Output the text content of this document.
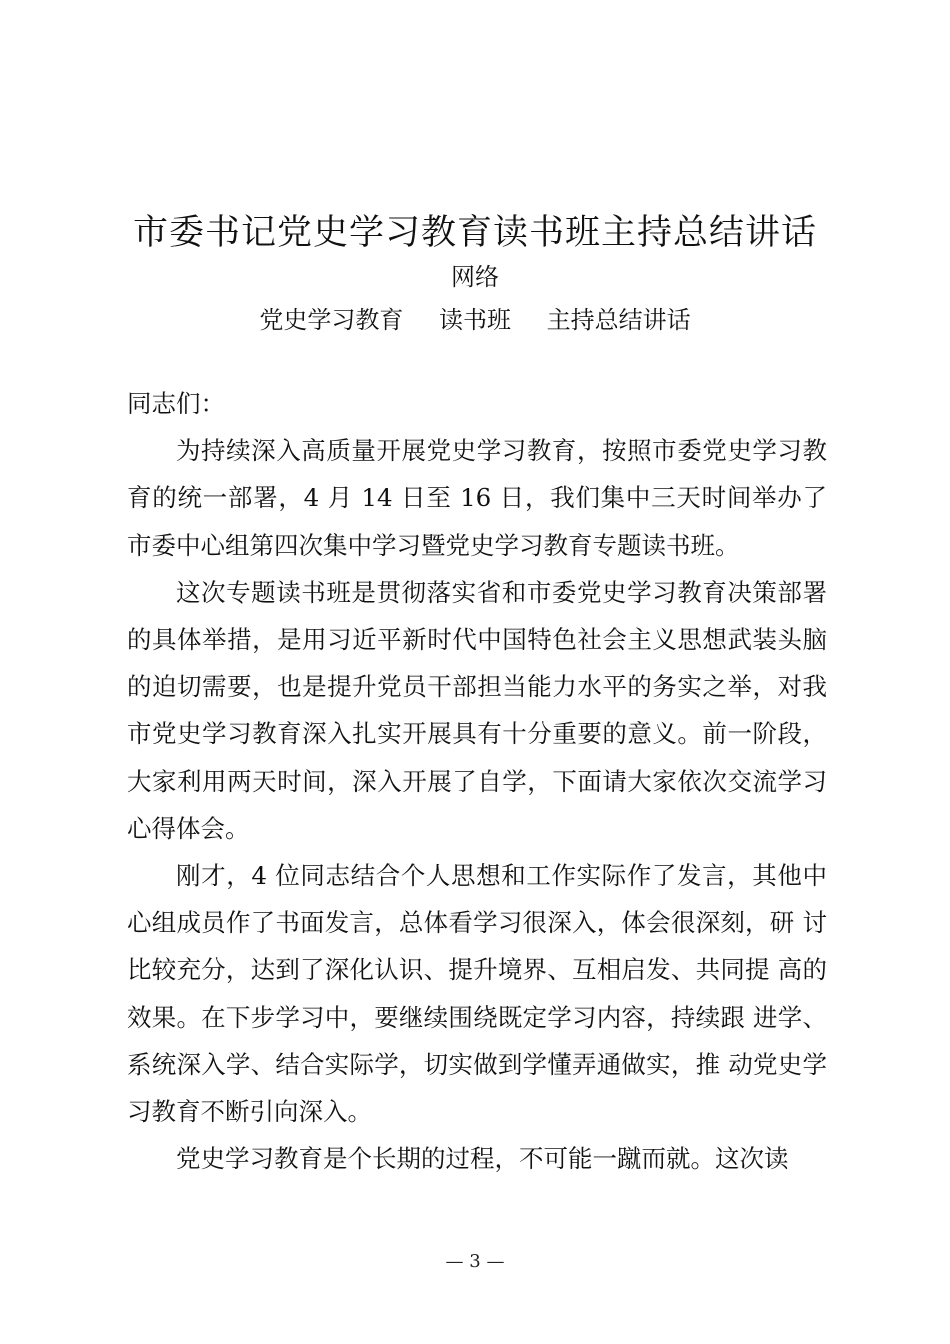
市委书记党史学习教育读书班主持总结讲话
网络
党史学习教育 读书班 主持总结讲话

同志们：

为持续深入高质量开展党史学习教育，按照市委党史学习教育的统一部署，4 月 14 日至 16 日，我们集中三天时间举办了市委中心组第四次集中学习暨党史学习教育专题读书班。

这次专题读书班是贯彻落实省和市委党史学习教育决策部署的具体举措，是用习近平新时代中国特色社会主义思想武装头脑的迫切需要，也是提升党员干部担当能力水平的务实之举，对我市党史学习教育深入扎实开展具有十分重要的意义。前一阶段，大家利用两天时间，深入开展了自学，下面请大家依次交流学习心得体会。

刚才，4 位同志结合个人思想和工作实际作了发言，其他中心组成员作了书面发言，总体看学习很深入，体会很深刻，研 讨比较充分，达到了深化认识、提升境界、互相启发、共同提 高的效果。在下步学习中，要继续围绕既定学习内容，持续跟 进学、系统深入学、结合实际学，切实做到学懂弄通做实，推 动党史学习教育不断引向深入。

党史学习教育是个长期的过程，不可能一蹴而就。这次读

— 3 —
